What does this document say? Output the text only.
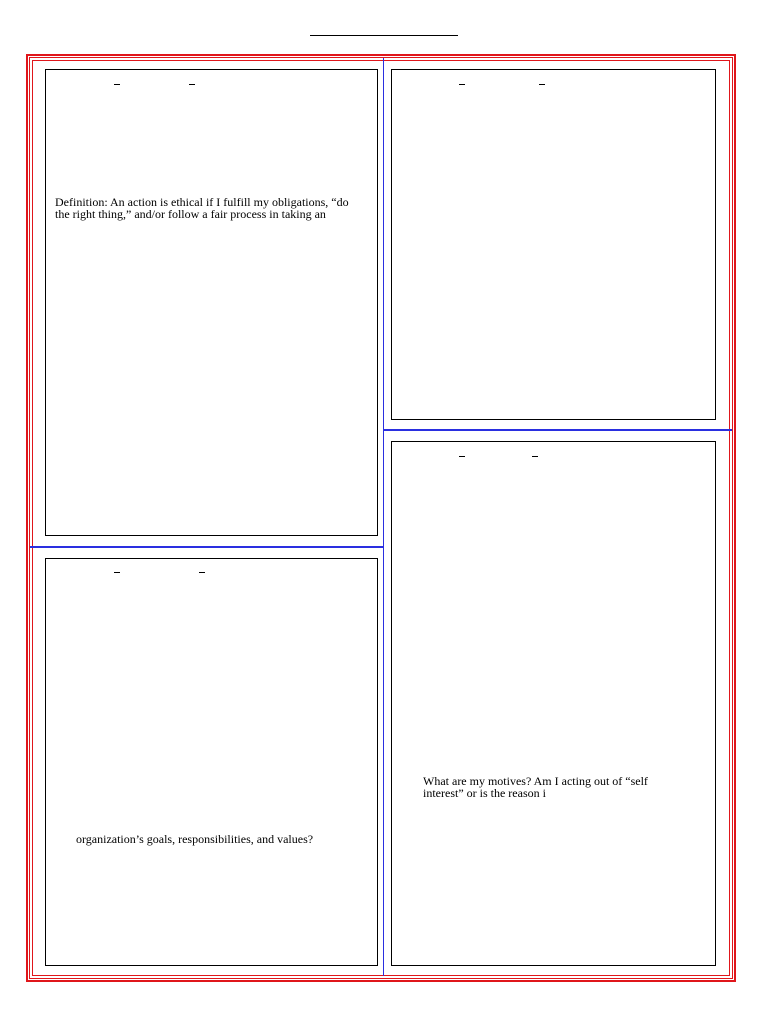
Definition: An action is ethical if I fulfill my obligations, “do
the right thing,” and/or follow a fair process in taking an

organization’s goals, responsibilities, and values?

What are my motives? Am I acting out of “self
interest” or is the reason i
